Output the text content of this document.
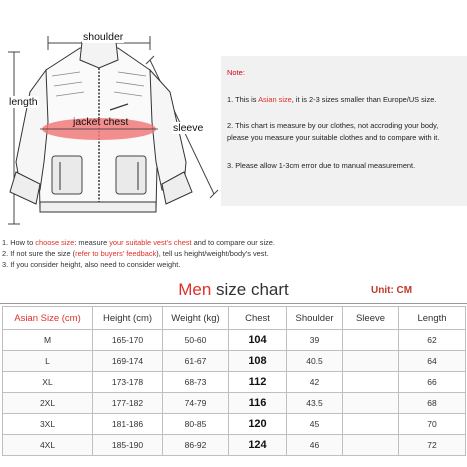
shoulder
length
jacket chest	sleeve
Note:
1. This is Asian size, it is 2-3 sizes smaller than Europe/US size.
2. This chart is measure by our clothes, not accroding your body,
please you measure your suitable clothes and to compare with it.
3. Please allow 1-3cm error due to manual measurement.
1. How to choose size: measure your suitable vest's chest and to compare our size.
2. If not sure the size (refer to buyers' feedback), tell us height/weight/body's vest.
3. If you consider height, also need to consider weight.
Men size chart	Unit: CM
Asian Size (cm)	Height (cm)	Weight (kg)	Chest	Shoulder	Sleeve	Length
M	165-170	50-60	104	39		62
L	169-174	61-67	108	40.5		64
XL	173-178	68-73	112	42		66
2XL	177-182	74-79	116	43.5		68
3XL	181-186	80-85	120	45		70
4XL	185-190	86-92	124	46		72
